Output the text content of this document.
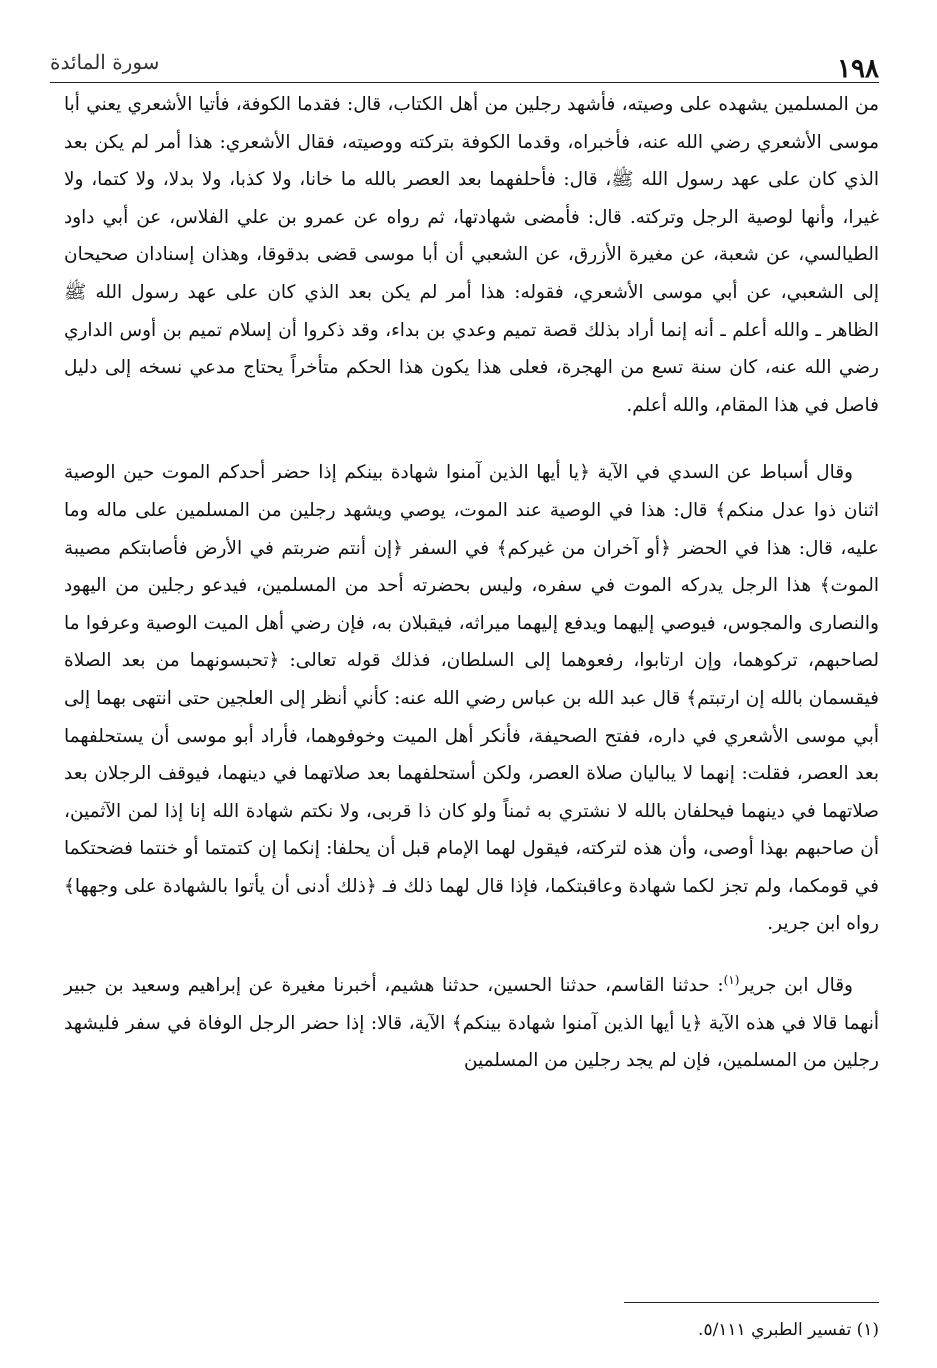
١٩٨
سورة المائدة

من المسلمين يشهده على وصيته، فأشهد رجلين من أهل الكتاب، قال: فقدما الكوفة، فأتيا الأشعري يعني أبا موسى الأشعري رضي الله عنه، فأخبراه، وقدما الكوفة بتركته ووصيته، فقال الأشعري: هذا أمر لم يكن بعد الذي كان على عهد رسول الله ﷺ، قال: فأحلفهما بعد العصر بالله ما خانا، ولا كذبا، ولا بدلا، ولا كتما، ولا غيرا، وأنها لوصية الرجل وتركته. قال: فأمضى شهادتها، ثم رواه عن عمرو بن علي الفلاس، عن أبي داود الطيالسي، عن شعبة، عن مغيرة الأزرق، عن الشعبي أن أبا موسى قضى بدقوقا، وهذان إسنادان صحيحان إلى الشعبي، عن أبي موسى الأشعري، فقوله: هذا أمر لم يكن بعد الذي كان على عهد رسول الله ﷺ الظاهر ـ والله أعلم ـ أنه إنما أراد بذلك قصة تميم وعدي بن بداء، وقد ذكروا أن إسلام تميم بن أوس الداري رضي الله عنه، كان سنة تسع من الهجرة، فعلى هذا يكون هذا الحكم متأخراً يحتاج مدعي نسخه إلى دليل فاصل في هذا المقام، والله أعلم.

وقال أسباط عن السدي في الآية ﴿يا أيها الذين آمنوا شهادة بينكم إذا حضر أحدكم الموت حين الوصية اثنان ذوا عدل منكم﴾ قال: هذا في الوصية عند الموت، يوصي ويشهد رجلين من المسلمين على ماله وما عليه، قال: هذا في الحضر ﴿أو آخران من غيركم﴾ في السفر ﴿إن أنتم ضربتم في الأرض فأصابتكم مصيبة الموت﴾ هذا الرجل يدركه الموت في سفره، وليس بحضرته أحد من المسلمين، فيدعو رجلين من اليهود والنصارى والمجوس، فيوصي إليهما ويدفع إليهما ميراثه، فيقبلان به، فإن رضي أهل الميت الوصية وعرفوا ما لصاحبهم، تركوهما، وإن ارتابوا، رفعوهما إلى السلطان، فذلك قوله تعالى: ﴿تحبسونهما من بعد الصلاة فيقسمان بالله إن ارتبتم﴾ قال عبد الله بن عباس رضي الله عنه: كأني أنظر إلى العلجين حتى انتهى بهما إلى أبي موسى الأشعري في داره، ففتح الصحيفة، فأنكر أهل الميت وخوفوهما، فأراد أبو موسى أن يستحلفهما بعد العصر، فقلت: إنهما لا يباليان صلاة العصر، ولكن أستحلفهما بعد صلاتهما في دينهما، فيوقف الرجلان بعد صلاتهما في دينهما فيحلفان بالله لا نشتري به ثمناً ولو كان ذا قربى، ولا نكتم شهادة الله إنا إذا لمن الآثمين، أن صاحبهم بهذا أوصى، وأن هذه لتركته، فيقول لهما الإمام قبل أن يحلفا: إنكما إن كتمتما أو خنتما فضحتكما في قومكما، ولم تجز لكما شهادة وعاقبتكما، فإذا قال لهما ذلك فـ ﴿ذلك أدنى أن يأتوا بالشهادة على وجهها﴾ رواه ابن جرير.

وقال ابن جرير$^{(١)}$: حدثنا القاسم، حدثنا الحسين، حدثنا هشيم، أخبرنا مغيرة عن إبراهيم وسعيد بن جبير أنهما قالا في هذه الآية ﴿يا أيها الذين آمنوا شهادة بينكم﴾ الآية، قالا: إذا حضر الرجل الوفاة في سفر فليشهد رجلين من المسلمين، فإن لم يجد رجلين من المسلمين

(١) تفسير الطبري ٥/١١١.
